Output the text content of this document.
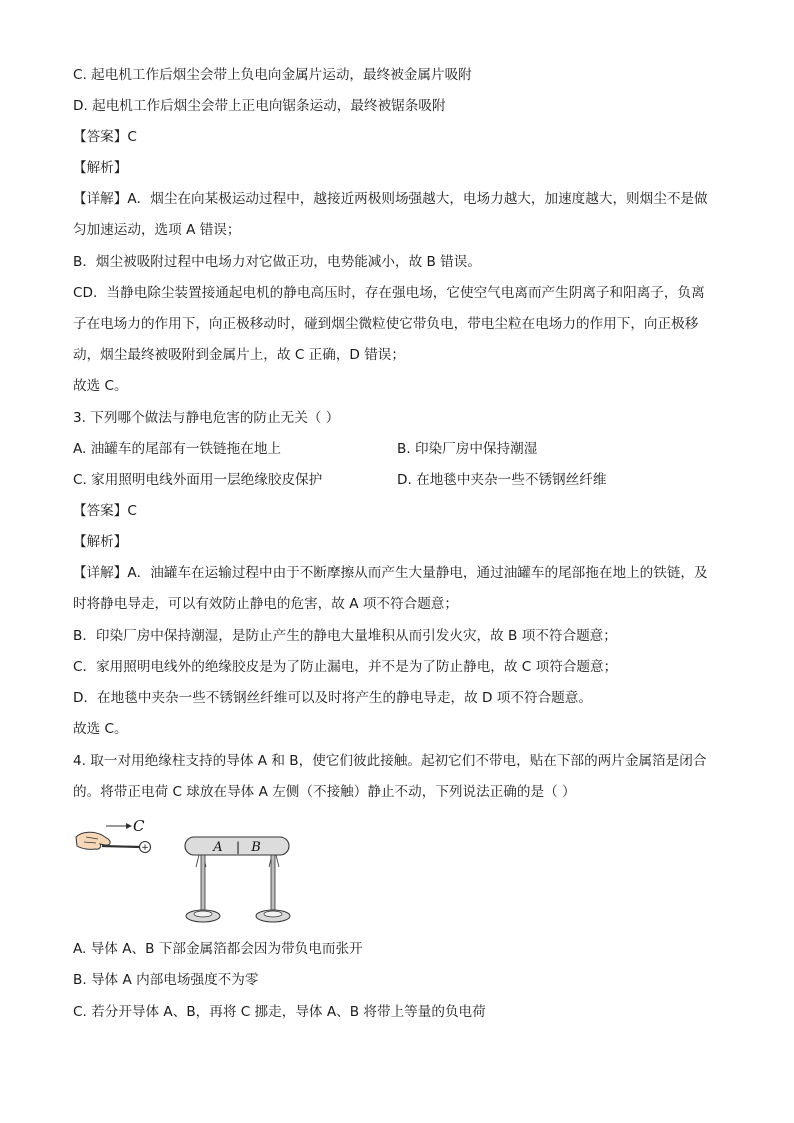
C. 起电机工作后烟尘会带上负电向金属片运动，最终被金属片吸附
D. 起电机工作后烟尘会带上正电向锯条运动，最终被锯条吸附
【答案】C
【解析】
【详解】A．烟尘在向某极运动过程中，越接近两极则场强越大，电场力越大，加速度越大，则烟尘不是做
匀加速运动，选项 A 错误；
B．烟尘被吸附过程中电场力对它做正功，电势能减小，故 B 错误。
CD．当静电除尘装置接通起电机的静电高压时，存在强电场，它使空气电离而产生阴离子和阳离子，负离
子在电场力的作用下，向正极移动时，碰到烟尘微粒使它带负电，带电尘粒在电场力的作用下，向正极移
动，烟尘最终被吸附到金属片上，故 C 正确，D 错误；
故选 C。
3. 下列哪个做法与静电危害的防止无关（ ）
A. 油罐车的尾部有一铁链拖在地上	B. 印染厂房中保持潮湿
C. 家用照明电线外面用一层绝缘胶皮保护	D. 在地毯中夹杂一些不锈钢丝纤维
【答案】C
【解析】
【详解】A．油罐车在运输过程中由于不断摩擦从而产生大量静电，通过油罐车的尾部拖在地上的铁链，及
时将静电导走，可以有效防止静电的危害，故 A 项不符合题意；
B．印染厂房中保持潮湿，是防止产生的静电大量堆积从而引发火灾，故 B 项不符合题意；
C．家用照明电线外的绝缘胶皮是为了防止漏电，并不是为了防止静电，故 C 项符合题意；
D．在地毯中夹杂一些不锈钢丝纤维可以及时将产生的静电导走，故 D 项不符合题意。
故选 C。
4. 取一对用绝缘柱支持的导体 A 和 B，使它们彼此接触。起初它们不带电，贴在下部的两片金属箔是闭合
的。将带正电荷 C 球放在导体 A 左侧（不接触）静止不动，下列说法正确的是（ ）
+
C
A | B
A. 导体 A、B 下部金属箔都会因为带负电而张开
B. 导体 A 内部电场强度不为零
C. 若分开导体 A、B，再将 C 挪走，导体 A、B 将带上等量的负电荷
